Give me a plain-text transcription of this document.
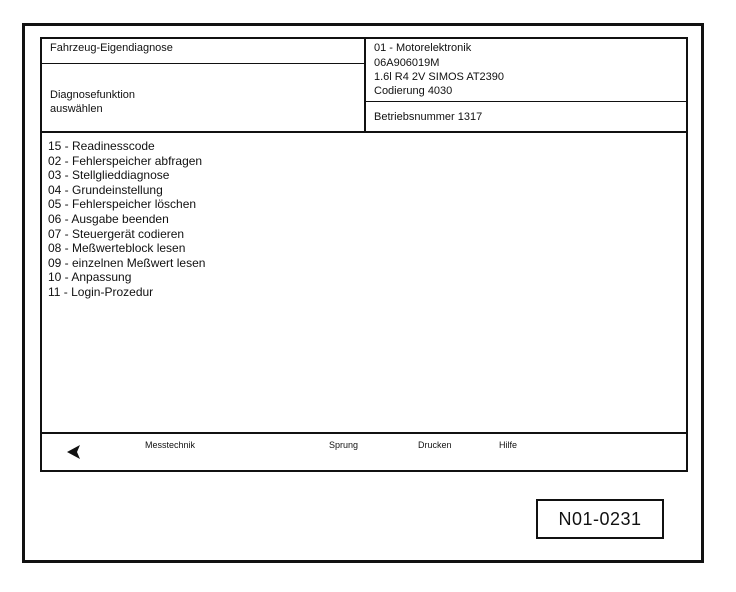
Fahrzeug-Eigendiagnose
Diagnosefunktion
auswählen
01 - Motorelektronik
06A906019M
1.6l R4 2V SIMOS AT2390
Codierung 4030
Betriebsnummer 1317
15 - Readinesscode
02 - Fehlerspeicher abfragen
03 - Stellglieddiagnose
04 - Grundeinstellung
05 - Fehlerspeicher löschen
06 - Ausgabe beenden
07 - Steuergerät codieren
08 - Meßwerteblock lesen
09 - einzelnen Meßwert lesen
10 - Anpassung
11 - Login-Prozedur
Messtechnik	Sprung	Drucken	Hilfe
N01-0231
